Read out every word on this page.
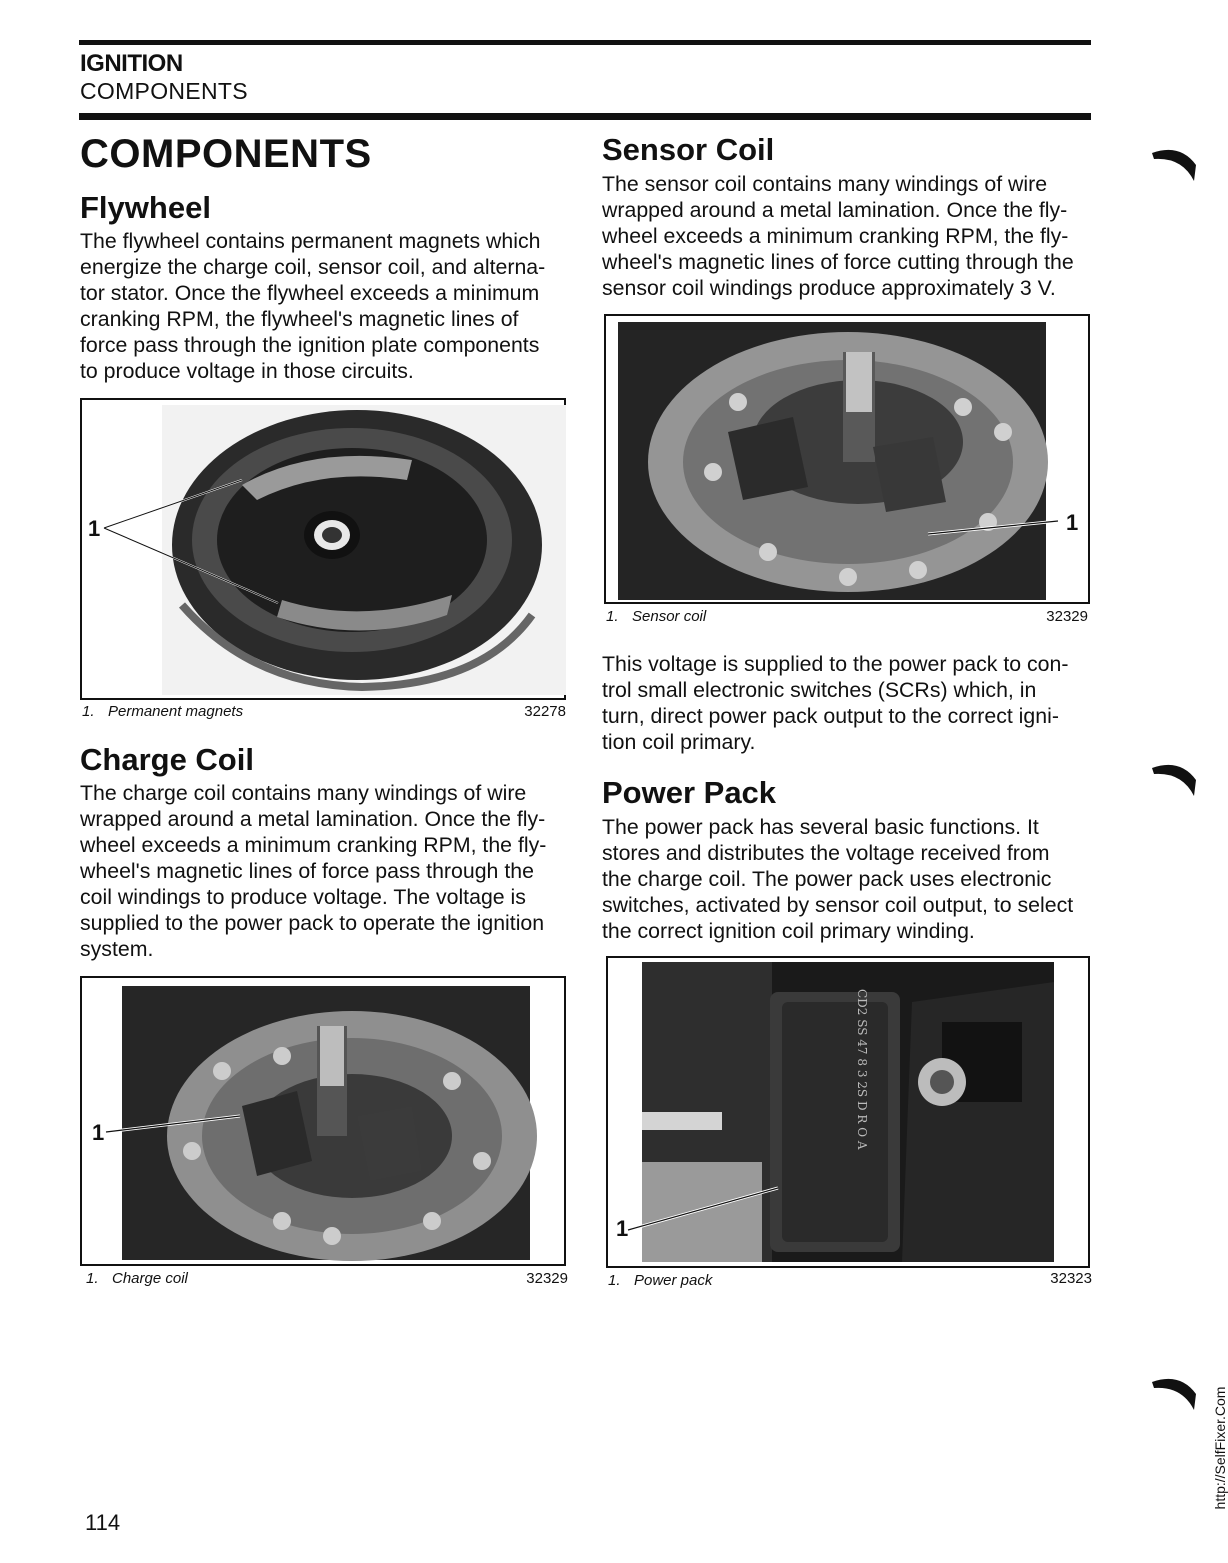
IGNITION
COMPONENTS
COMPONENTS
Flywheel
The flywheel contains permanent magnets which
energize the charge coil, sensor coil, and alterna-
tor stator. Once the flywheel exceeds a minimum
cranking RPM, the flywheel's magnetic lines of
force pass through the ignition plate components
to produce voltage in those circuits.
1
1. Permanent magnets	32278
Charge Coil
The charge coil contains many windings of wire
wrapped around a metal lamination. Once the fly-
wheel exceeds a minimum cranking RPM, the fly-
wheel's magnetic lines of force pass through the
coil windings to produce voltage. The voltage is
supplied to the power pack to operate the ignition
system.
1
1. Charge coil	32329
Sensor Coil
The sensor coil contains many windings of wire
wrapped around a metal lamination. Once the fly-
wheel exceeds a minimum cranking RPM, the fly-
wheel's magnetic lines of force cutting through the
sensor coil windings produce approximately 3 V.
1
1. Sensor coil	32329
This voltage is supplied to the power pack to con-
trol small electronic switches (SCRs) which, in
turn, direct power pack output to the correct igni-
tion coil primary.
Power Pack
The power pack has several basic functions. It
stores and distributes the voltage received from
the charge coil. The power pack uses electronic
switches, activated by sensor coil output, to select
the correct ignition coil primary winding.
CD2 SS 47 8 3 2S D R O A
1
1. Power pack	32323
114
http://SelfFixer.Com
